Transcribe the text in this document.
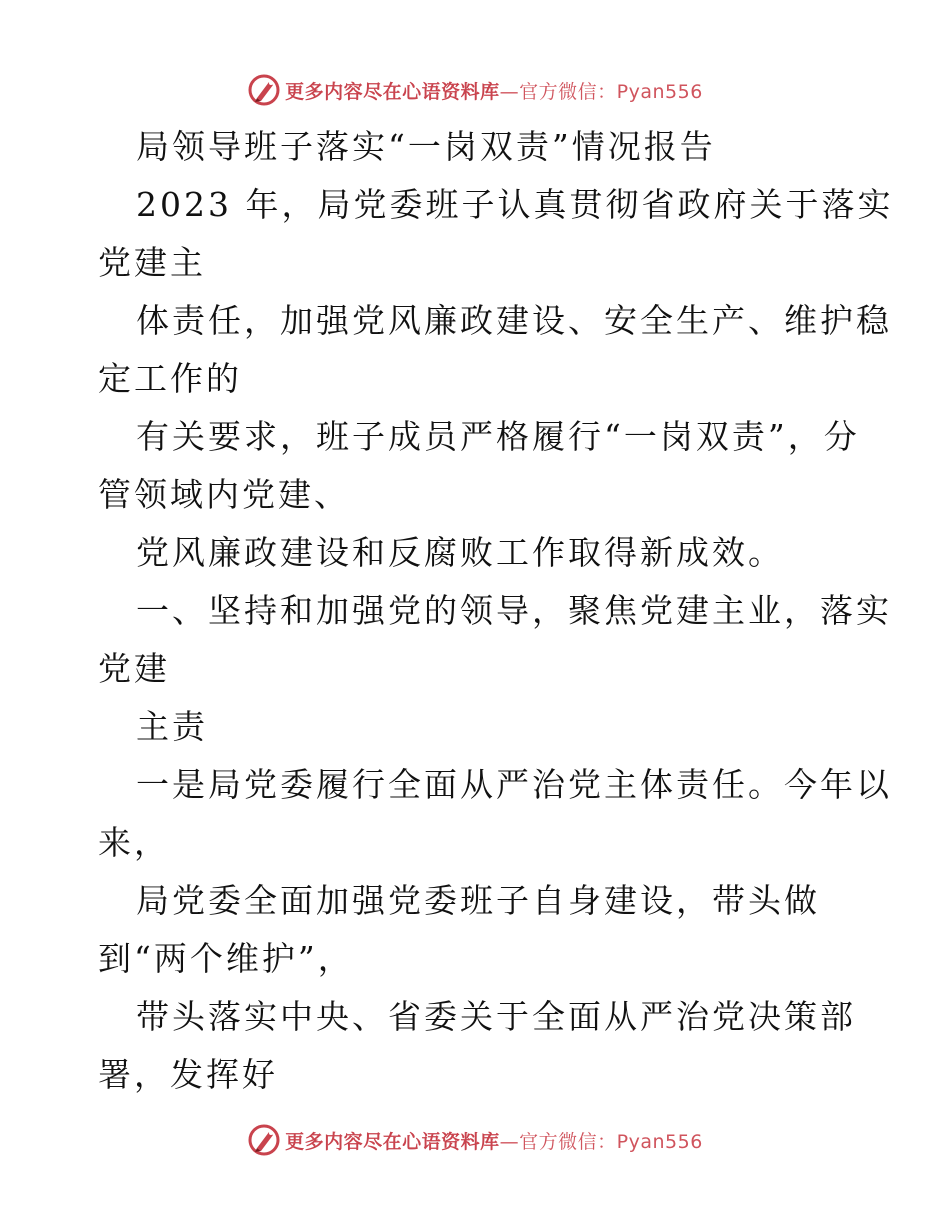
更多内容尽在心语资料库—官方微信：Pyan556
局领导班子落实“一岗双责”情况报告
2023 年，局党委班子认真贯彻省政府关于落实
党建主
体责任，加强党风廉政建设、安全生产、维护稳
定工作的
有关要求，班子成员严格履行“一岗双责”，分
管领域内党建、
党风廉政建设和反腐败工作取得新成效。
一、坚持和加强党的领导，聚焦党建主业，落实
党建
主责
一是局党委履行全面从严治党主体责任。今年以
来，
局党委全面加强党委班子自身建设，带头做
到“两个维护”，
带头落实中央、省委关于全面从严治党决策部
署，发挥好
更多内容尽在心语资料库—官方微信：Pyan556
